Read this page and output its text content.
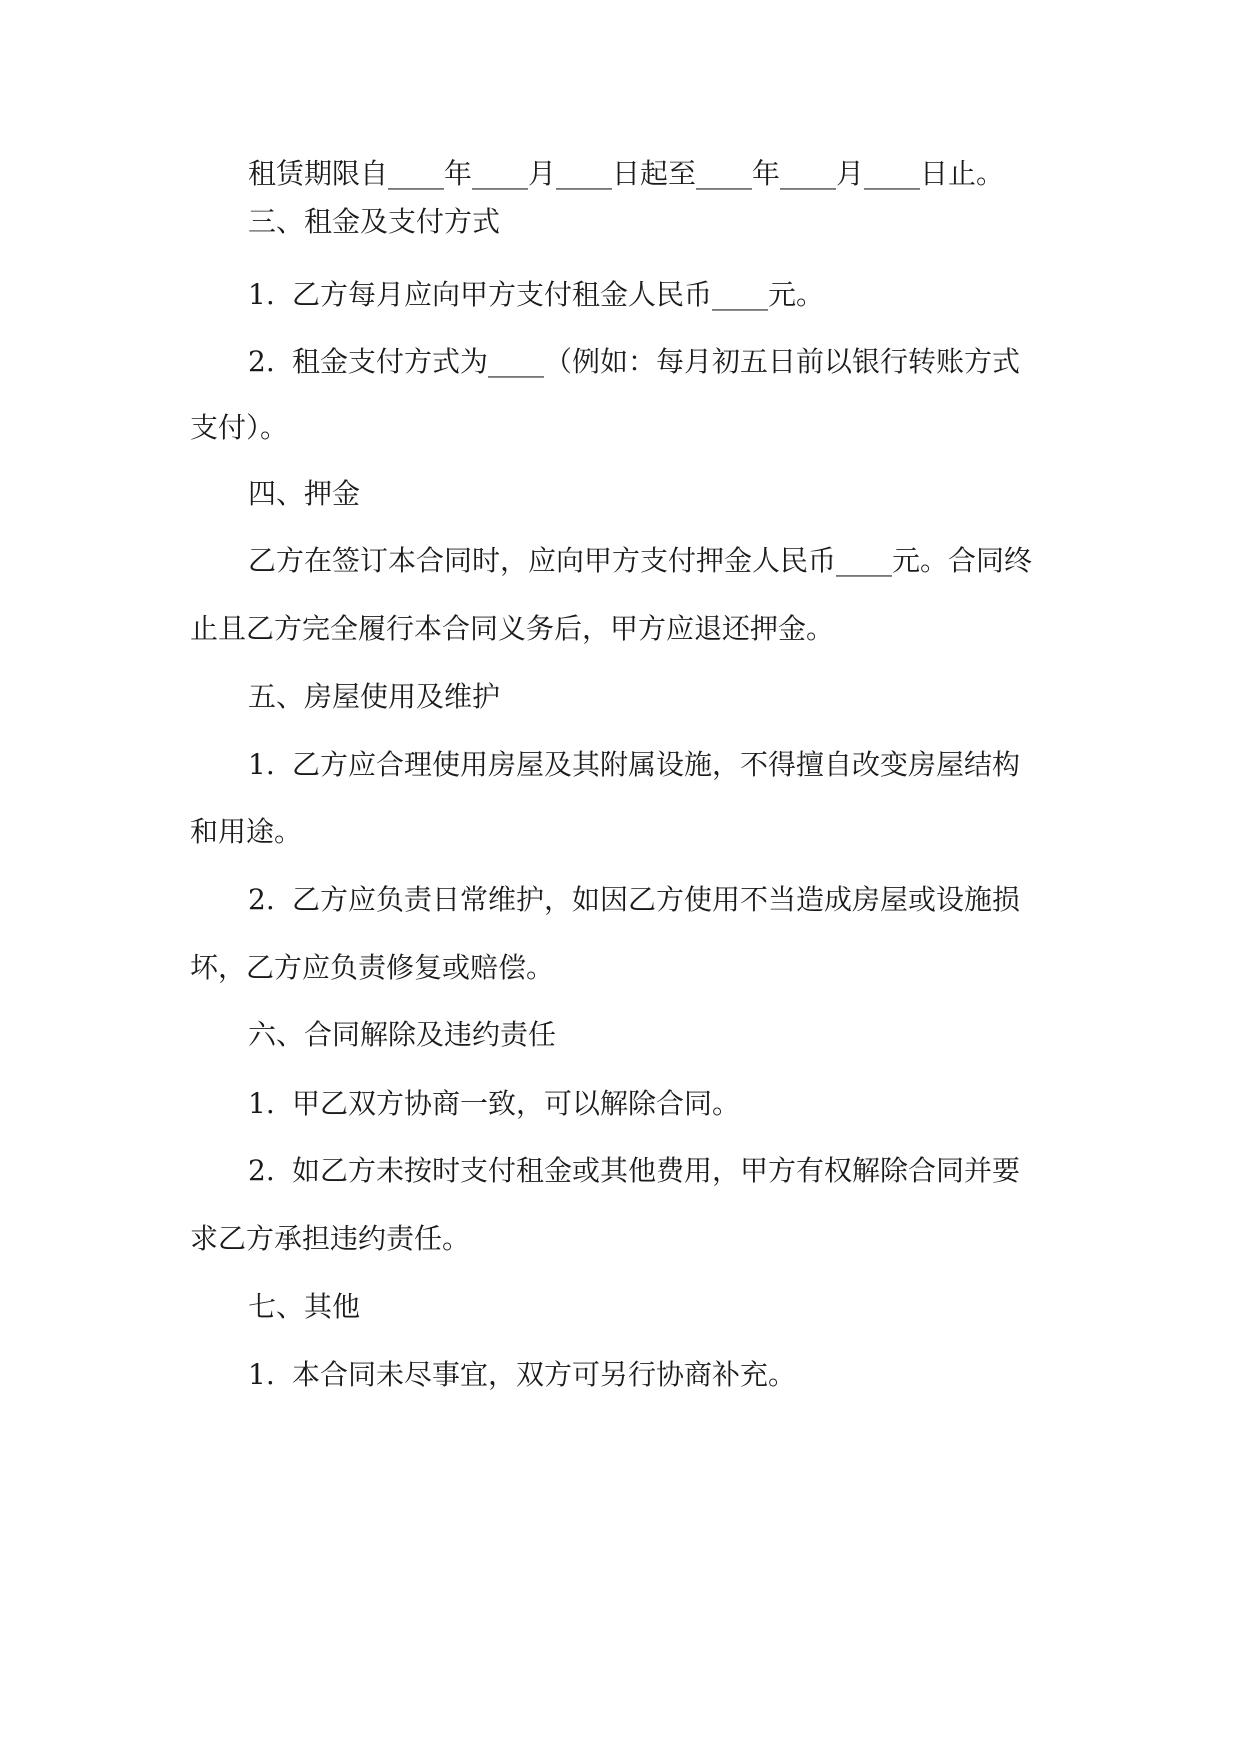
租赁期限自____年____月____日起至____年____月____日止。
三、租金及支付方式
1. 乙方每月应向甲方支付租金人民币____元。
2. 租金支付方式为____（例如：每月初五日前以银行转账方式
支付）。
四、押金
乙方在签订本合同时，应向甲方支付押金人民币____元。合同终
止且乙方完全履行本合同义务后，甲方应退还押金。
五、房屋使用及维护
1. 乙方应合理使用房屋及其附属设施，不得擅自改变房屋结构
和用途。
2. 乙方应负责日常维护，如因乙方使用不当造成房屋或设施损
坏，乙方应负责修复或赔偿。
六、合同解除及违约责任
1. 甲乙双方协商一致，可以解除合同。
2. 如乙方未按时支付租金或其他费用，甲方有权解除合同并要
求乙方承担违约责任。
七、其他
1. 本合同未尽事宜，双方可另行协商补充。
